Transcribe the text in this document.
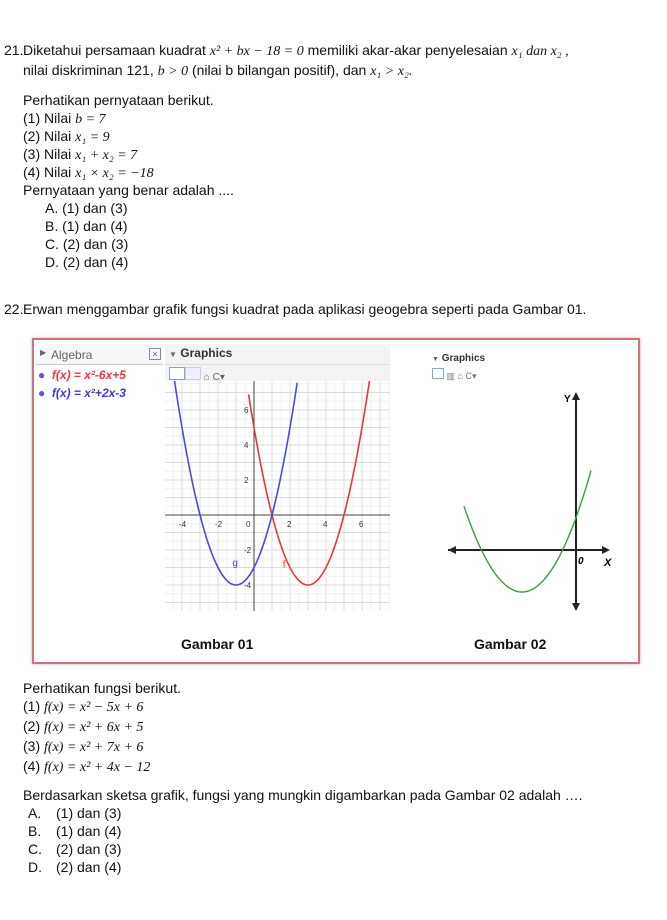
21. Diketahui persamaan kuadrat x² + bx − 18 = 0 memiliki akar-akar penyelesaian x₁ dan x₂ ,
nilai diskriminan 121, b > 0 (nilai b bilangan positif), dan x₁ > x₂.
Perhatikan pernyataan berikut.
(1) Nilai b = 7
(2) Nilai x₁ = 9
(3) Nilai x₁ + x₂ = 7
(4) Nilai x₁ × x₂ = −18
Pernyataan yang benar adalah ....
A. (1) dan (3)
B. (1) dan (4)
C. (2) dan (3)
D. (2) dan (4)
22. Erwan menggambar grafik fungsi kuadrat pada aplikasi geogebra seperti pada Gambar 01.
▶ Algebra	×
● f(x) = x²-6x+5
● f(x) = x²+2x-3
▼ Graphics
⌂ C▾
-4	-2	0	2	4	6
6
4
2
-2
-4
f
g
Gambar 01
▼ Graphics
▥ ⌂ C▾
Y
X
0
Gambar 02
Perhatikan fungsi berikut.
(1) f(x) = x² − 5x + 6
(2) f(x) = x² + 6x + 5
(3) f(x) = x² + 7x + 6
(4) f(x) = x² + 4x − 12
Berdasarkan sketsa grafik, fungsi yang mungkin digambarkan pada Gambar 02 adalah ….
A. (1) dan (3)
B. (1) dan (4)
C. (2) dan (3)
D. (2) dan (4)
